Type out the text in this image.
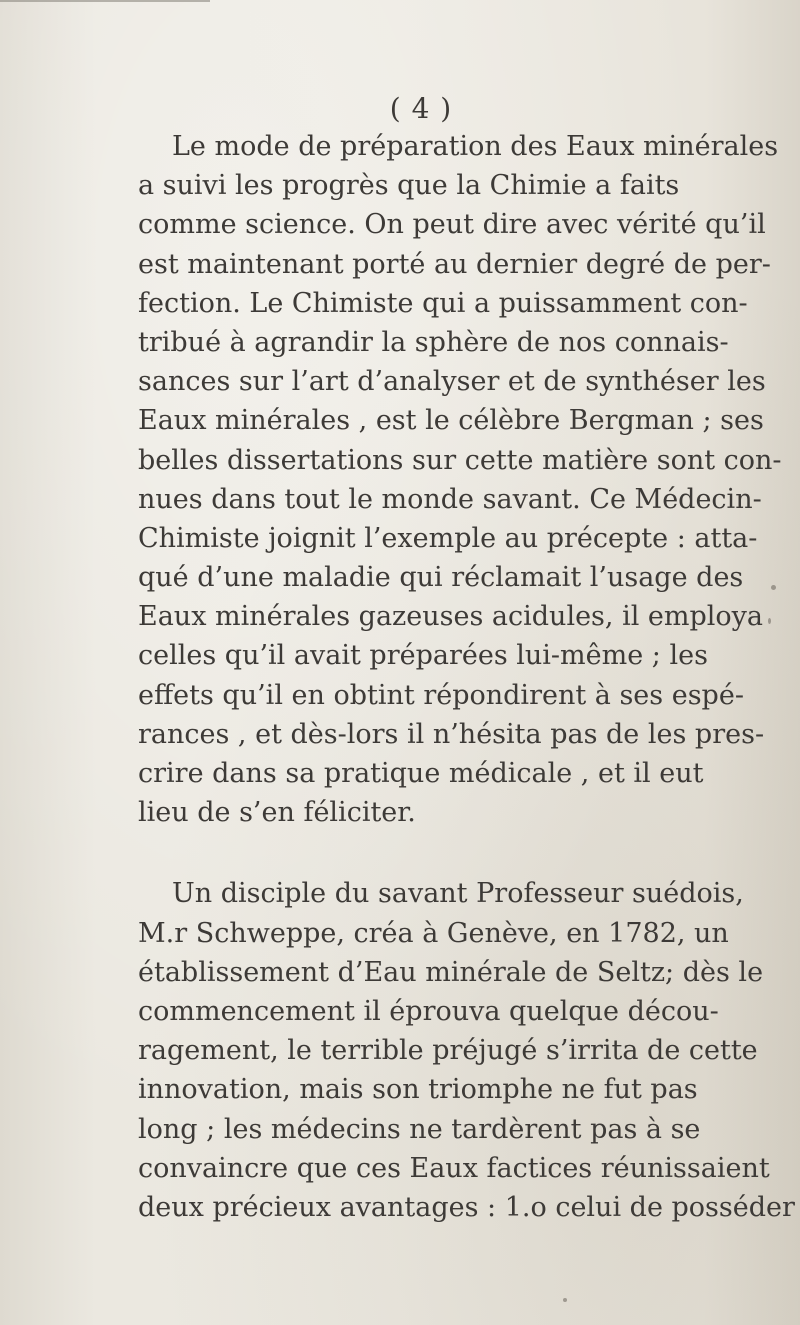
( 4 )
Le mode de préparation des Eaux minérales
a suivi les progrès que la Chimie a faits
comme science. On peut dire avec vérité qu’il
est maintenant porté au dernier degré de per-
fection. Le Chimiste qui a puissamment con-
tribué à agrandir la sphère de nos connais-
sances sur l’art d’analyser et de synthéser les
Eaux minérales , est le célèbre Bergman ; ses
belles dissertations sur cette matière sont con-
nues dans tout le monde savant. Ce Médecin-
Chimiste joignit l’exemple au précepte : atta-
qué d’une maladie qui réclamait l’usage des
Eaux minérales gazeuses acidules, il employa
celles qu’il avait préparées lui-même ; les
effets qu’il en obtint répondirent à ses espé-
rances , et dès-lors il n’hésita pas de les pres-
crire dans sa pratique médicale , et il eut
lieu de s’en féliciter.
Un disciple du savant Professeur suédois,
M.r Schweppe, créa à Genève, en 1782, un
établissement d’Eau minérale de Seltz; dès le
commencement il éprouva quelque décou-
ragement, le terrible préjugé s’irrita de cette
innovation, mais son triomphe ne fut pas
long ; les médecins ne tardèrent pas à se
convaincre que ces Eaux factices réunissaient
deux précieux avantages : 1.o celui de posséder
